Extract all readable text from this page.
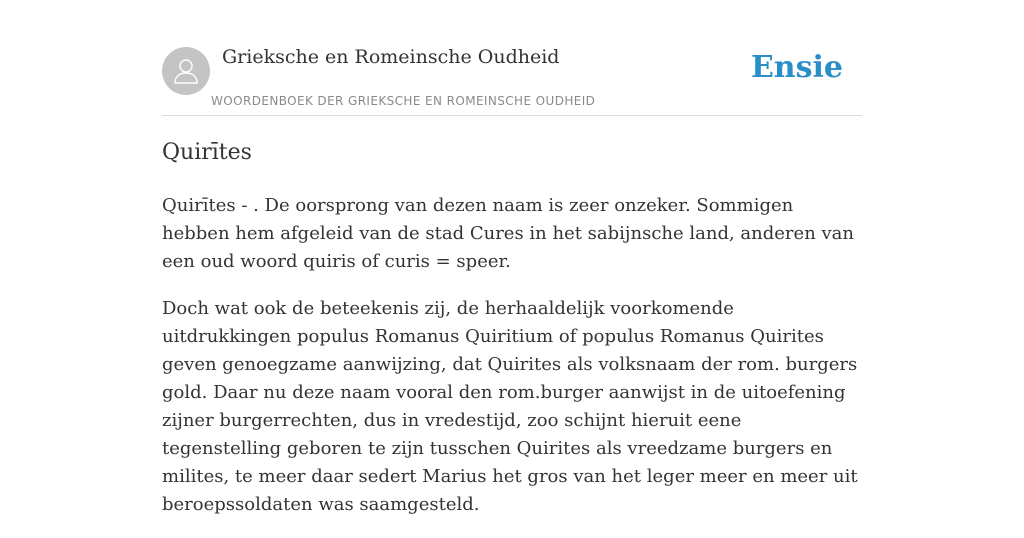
Grieksche en Romeinsche Oudheid
WOORDENBOEK DER GRIEKSCHE EN ROMEINSCHE OUDHEID
Ensie
Quirītes

Quirītes - . De oorsprong van dezen naam is zeer onzeker. Sommigen hebben hem afgeleid van de stad Cures in het sabijnsche land, anderen van een oud woord quiris of curis = speer.

Doch wat ook de beteekenis zij, de herhaaldelijk voorkomende uitdrukkingen populus Romanus Quiritium of populus Romanus Quirites geven genoegzame aanwijzing, dat Quirites als volksnaam der rom. burgers gold. Daar nu deze naam vooral den rom.burger aanwijst in de uitoefening zijner burgerrechten, dus in vredestijd, zoo schijnt hieruit eene tegenstelling geboren te zijn tusschen Quirites als vreedzame burgers en milites, te meer daar sedert Marius het gros van het leger meer en meer uit beroepssoldaten was saamgesteld.
